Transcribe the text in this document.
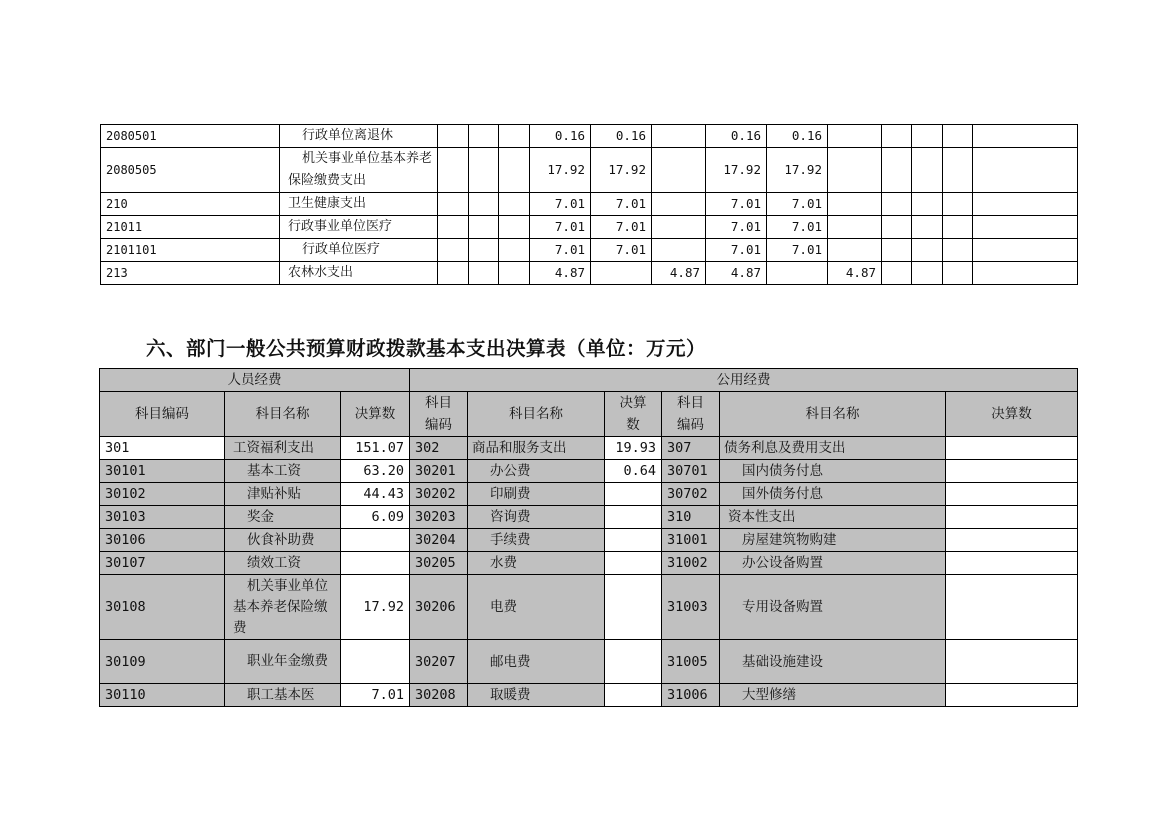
2080501	行政单位离退休				0.16	0.16		0.16	0.16					
2080505	机关事业单位基本养老保险缴费支出				17.92	17.92		17.92	17.92					
210	卫生健康支出				7.01	7.01		7.01	7.01					
21011	行政事业单位医疗				7.01	7.01		7.01	7.01					
2101101	行政单位医疗				7.01	7.01		7.01	7.01					
213	农林水支出				4.87		4.87	4.87		4.87				
六、部门一般公共预算财政拨款基本支出决算表（单位：万元）
人员经费			公用经费					
科目编码	科目名称	决算数	科目编码	科目名称	决算数	科目编码	科目名称	决算数
301	工资福利支出	151.07	302	商品和服务支出	19.93	307	债务利息及费用支出	
30101	基本工资	63.20	30201	办公费	0.64	30701	国内债务付息	
30102	津贴补贴	44.43	30202	印刷费		30702	国外债务付息	
30103	奖金	6.09	30203	咨询费		310	资本性支出	
30106	伙食补助费		30204	手续费		31001	房屋建筑物购建	
30107	绩效工资		30205	水费		31002	办公设备购置	
30108	机关事业单位基本养老保险缴费	17.92	30206	电费		31003	专用设备购置	
30109	职业年金缴费		30207	邮电费		31005	基础设施建设	
30110	职工基本医	7.01	30208	取暖费		31006	大型修缮	
